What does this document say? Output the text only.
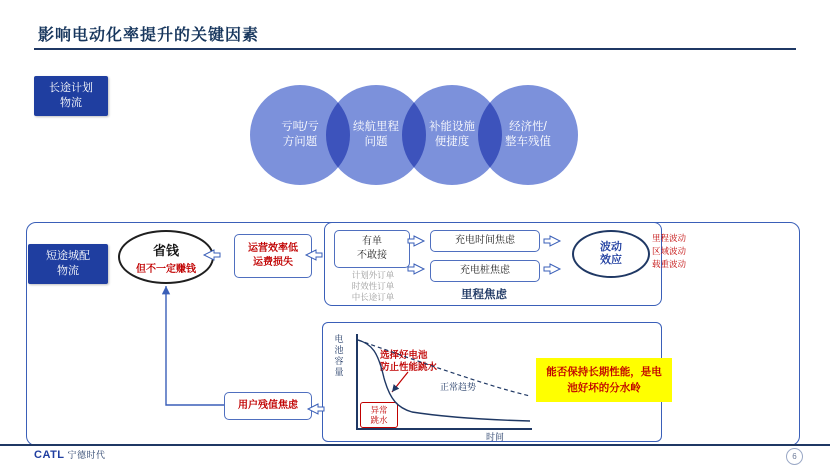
影响电动化率提升的关键因素
长途计划
物流
亏吨/亏
方问题
续航里程
问题
补能设施
便捷度
经济性/
整车残值
短途城配
物流
省钱
但不一定赚钱
运营效率低
运费损失
有单
不敢接
充电时间焦虑
充电桩焦虑
计划外订单
时效性订单
中长途订单	里程焦虑
波动
效应
里程波动
区域波动
载重波动
用户残值焦虑
电
池
容
量
时间
选择好电池
防止性能跳水
正常趋势
异常
跳水
能否保持长期性能，是电
池好坏的分水岭
CATL 宁德时代	6
